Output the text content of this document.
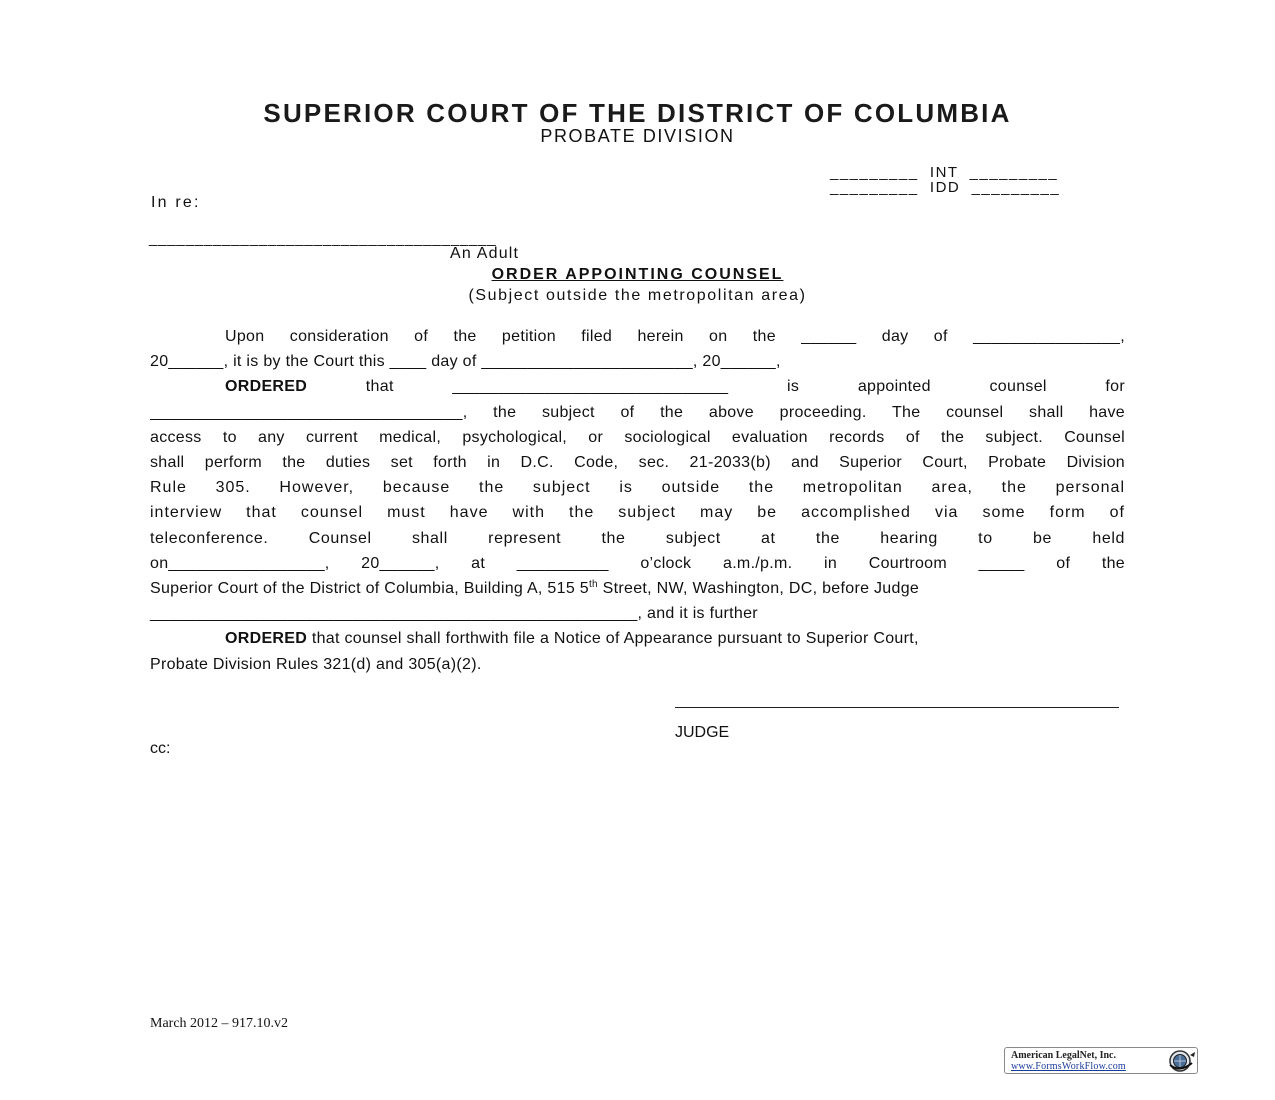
SUPERIOR COURT OF THE DISTRICT OF COLUMBIA
PROBATE DIVISION
_________  INT  _________
_________  IDD  _________
In re:
______________________________________
An Adult
ORDER APPOINTING COUNSEL
(Subject outside the metropolitan area)
Upon consideration of the petition filed herein on the ______ day of ________________,
20______, it is by the Court this ____ day of _______________________, 20______,
ORDERED	that ______________________________ is appointed counsel for
__________________________________, the subject of the above proceeding. The counsel shall have
access to any current medical, psychological, or sociological evaluation records of the subject. Counsel
shall perform the duties set forth in D.C. Code, sec. 21-2033(b) and Superior Court, Probate Division
Rule 305. However, because the subject is outside the metropolitan area, the personal
interview that counsel must have with the subject may be accomplished via some form of
teleconference. Counsel shall represent the subject at the hearing to be held
on_________________, 20______, at __________ o’clock a.m./p.m. in Courtroom _____ of the
Superior Court of the District of Columbia, Building A, 515 5th Street, NW, Washington, DC, before Judge
_____________________________________________________, and it is further
ORDERED that counsel shall forthwith file a Notice of Appearance pursuant to Superior Court,
Probate Division Rules 321(d) and 305(a)(2).
JUDGE
cc:
March 2012 – 917.10.v2
American LegalNet, Inc.
www.FormsWorkFlow.com
